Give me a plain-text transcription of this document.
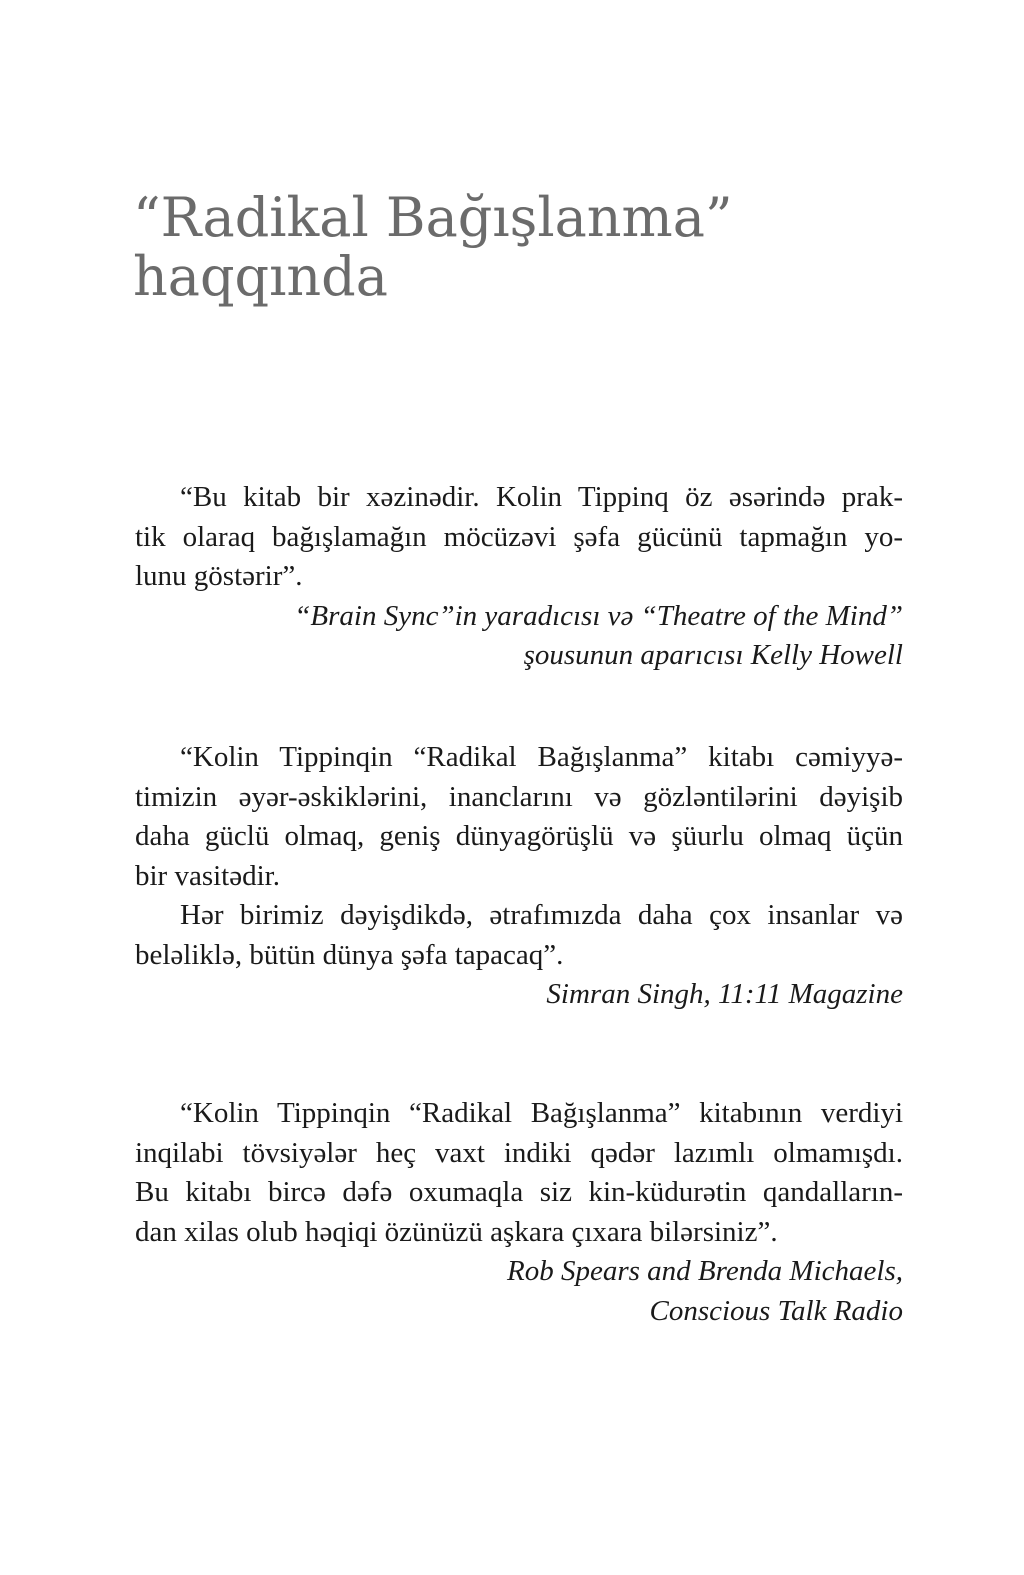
“Radikal Bağışlanma”
haqqında
“Bu kitab bir xəzinədir. Kolin Tippinq öz əsərində prak-
tik olaraq bağışlamağın möcüzəvi şəfa gücünü tapmağın yo-
lunu göstərir”.
“Brain Sync”in yaradıcısı və “Theatre of the Mind”
şousunun aparıcısı Kelly Howell
“Kolin Tippinqin “Radikal Bağışlanma” kitabı cəmiyyə-
timizin əyər-əskiklərini, inanclarını və gözləntilərini dəyişib
daha güclü olmaq, geniş dünyagörüşlü və şüurlu olmaq üçün
bir vasitədir.
Hər birimiz dəyişdikdə, ətrafımızda daha çox insanlar və
beləliklə, bütün dünya şəfa tapacaq”.
Simran Singh, 11:11 Magazine
“Kolin Tippinqin “Radikal Bağışlanma” kitabının verdiyi
inqilabi tövsiyələr heç vaxt indiki qədər lazımlı olmamışdı.
Bu kitabı bircə dəfə oxumaqla siz kin-küdurətin qandalların-
dan xilas olub həqiqi özünüzü aşkara çıxara bilərsiniz”.
Rob Spears and Brenda Michaels,
Conscious Talk Radio
